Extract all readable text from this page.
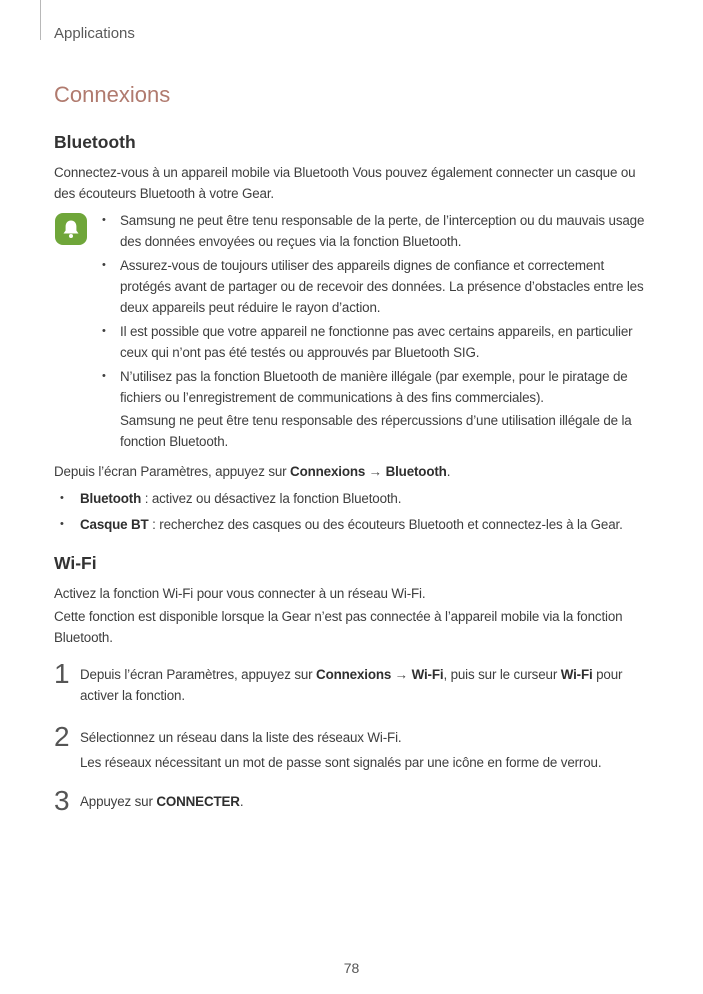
Applications
Connexions
Bluetooth
Connectez-vous à un appareil mobile via Bluetooth Vous pouvez également connecter un casque ou des écouteurs Bluetooth à votre Gear.
• Samsung ne peut être tenu responsable de la perte, de l’interception ou du mauvais usage des données envoyées ou reçues via la fonction Bluetooth.
• Assurez-vous de toujours utiliser des appareils dignes de confiance et correctement protégés avant de partager ou de recevoir des données. La présence d’obstacles entre les deux appareils peut réduire le rayon d’action.
• Il est possible que votre appareil ne fonctionne pas avec certains appareils, en particulier ceux qui n’ont pas été testés ou approuvés par Bluetooth SIG.
• N’utilisez pas la fonction Bluetooth de manière illégale (par exemple, pour le piratage de fichiers ou l’enregistrement de communications à des fins commerciales).
Samsung ne peut être tenu responsable des répercussions d’une utilisation illégale de la fonction Bluetooth.
Depuis l’écran Paramètres, appuyez sur Connexions → Bluetooth.
• Bluetooth : activez ou désactivez la fonction Bluetooth.
• Casque BT : recherchez des casques ou des écouteurs Bluetooth et connectez-les à la Gear.
Wi-Fi
Activez la fonction Wi-Fi pour vous connecter à un réseau Wi-Fi.
Cette fonction est disponible lorsque la Gear n’est pas connectée à l’appareil mobile via la fonction Bluetooth.
1 Depuis l’écran Paramètres, appuyez sur Connexions → Wi-Fi, puis sur le curseur Wi-Fi pour activer la fonction.
2 Sélectionnez un réseau dans la liste des réseaux Wi-Fi.
Les réseaux nécessitant un mot de passe sont signalés par une icône en forme de verrou.
3 Appuyez sur CONNECTER.
78
